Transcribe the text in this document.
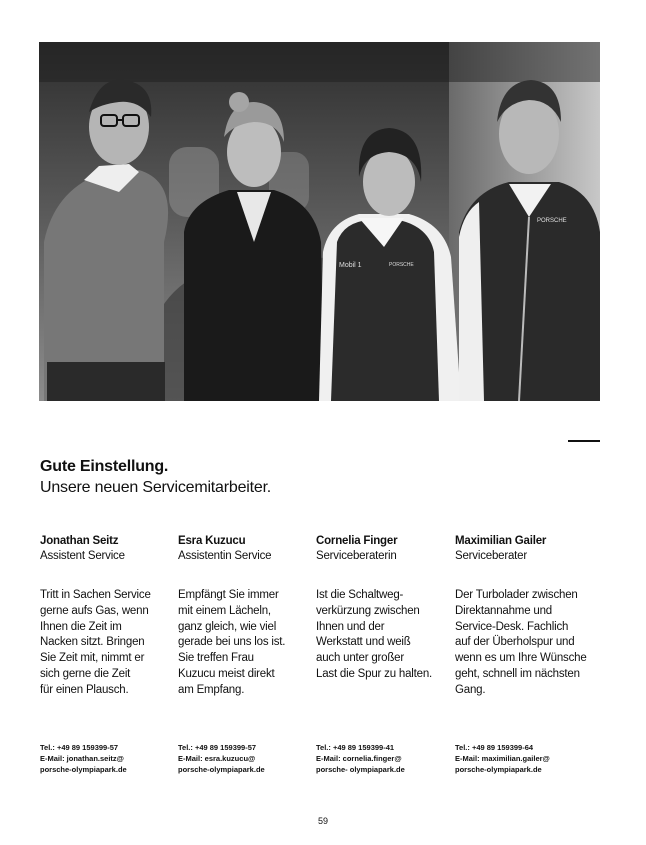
Mobil 1	PORSCHE
PORSCHE
Gute Einstellung.
Unsere neuen Servicemitarbeiter.
Jonathan Seitz
Assistent Service
Tritt in Sachen Service
gerne aufs Gas, wenn
Ihnen die Zeit im
Nacken sitzt. Bringen
Sie Zeit mit, nimmt er
sich gerne die Zeit
für einen Plausch.
Esra Kuzucu
Assistentin Service
Empfängt Sie immer
mit einem Lächeln,
ganz gleich, wie viel
gerade bei uns los ist.
Sie treffen Frau
Kuzucu meist direkt
am Empfang.
Cornelia Finger
Serviceberaterin
Ist die Schaltweg-
verkürzung zwischen
Ihnen und der
Werkstatt und weiß
auch unter großer
Last die Spur zu halten.
Maximilian Gailer
Serviceberater
Der Turbolader zwischen
Direktannahme und
Service-Desk. Fachlich
auf der Überholspur und
wenn es um Ihre Wünsche
geht, schnell im nächsten
Gang.
Tel.: +49 89 159399-57
E-Mail: jonathan.seitz@
porsche-olympiapark.de
Tel.: +49 89 159399-57
E-Mail: esra.kuzucu@
porsche-olympiapark.de
Tel.: +49 89 159399-41
E-Mail: cornelia.finger@
porsche- olympiapark.de
Tel.: +49 89 159399-64
E-Mail: maximilian.gailer@
porsche-olympiapark.de
59
